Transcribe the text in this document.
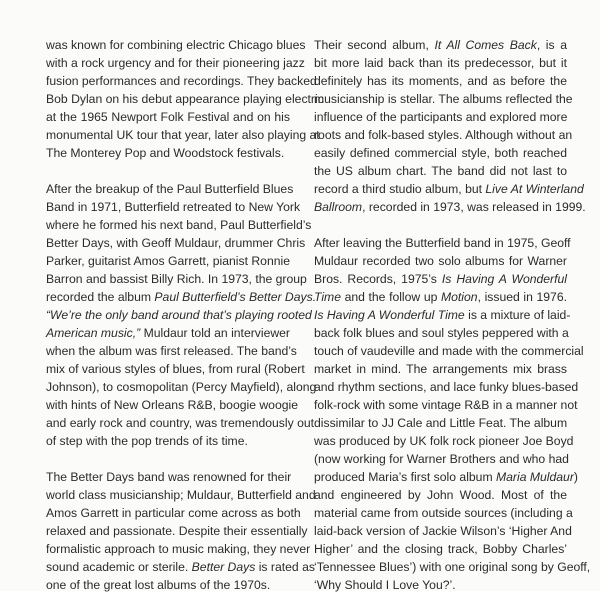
was known for combining electric Chicago blues
with a rock urgency and for their pioneering jazz
fusion performances and recordings. They backed
Bob Dylan on his debut appearance playing electric
at the 1965 Newport Folk Festival and on his
monumental UK tour that year, later also playing at
The Monterey Pop and Woodstock festivals.
After the breakup of the Paul Butterfield Blues
Band in 1971, Butterfield retreated to New York
where he formed his next band, Paul Butterfield’s
Better Days, with Geoff Muldaur, drummer Chris
Parker, guitarist Amos Garrett, pianist Ronnie
Barron and bassist Billy Rich. In 1973, the group
recorded the album Paul Butterfield’s Better Days.
“We’re the only band around that’s playing rooted
American music,” Muldaur told an interviewer
when the album was first released. The band’s
mix of various styles of blues, from rural (Robert
Johnson), to cosmopolitan (Percy Mayfield), along
with hints of New Orleans R&B, boogie woogie
and early rock and country, was tremendously out
of step with the pop trends of its time.
The Better Days band was renowned for their
world class musicianship; Muldaur, Butterfield and
Amos Garrett in particular come across as both
relaxed and passionate. Despite their essentially
formalistic approach to music making, they never
sound academic or sterile. Better Days is rated as
one of the great lost albums of the 1970s.
Their second album, It All Comes Back, is a
bit more laid back than its predecessor, but it
definitely has its moments, and as before the
musicianship is stellar. The albums reflected the
influence of the participants and explored more
roots and folk-based styles. Although without an
easily defined commercial style, both reached
the US album chart. The band did not last to
record a third studio album, but Live At Winterland
Ballroom, recorded in 1973, was released in 1999.
After leaving the Butterfield band in 1975, Geoff
Muldaur recorded two solo albums for Warner
Bros. Records, 1975’s Is Having A Wonderful
Time and the follow up Motion, issued in 1976.
Is Having A Wonderful Time is a mixture of laid-
back folk blues and soul styles peppered with a
touch of vaudeville and made with the commercial
market in mind. The arrangements mix brass
and rhythm sections, and lace funky blues-based
folk-rock with some vintage R&B in a manner not
dissimilar to JJ Cale and Little Feat. The album
was produced by UK folk rock pioneer Joe Boyd
(now working for Warner Brothers and who had
produced Maria’s first solo album Maria Muldaur)
and engineered by John Wood. Most of the
material came from outside sources (including a
laid-back version of Jackie Wilson’s ‘Higher And
Higher’ and the closing track, Bobby Charles’
‘Tennessee Blues’) with one original song by Geoff,
‘Why Should I Love You?’.
